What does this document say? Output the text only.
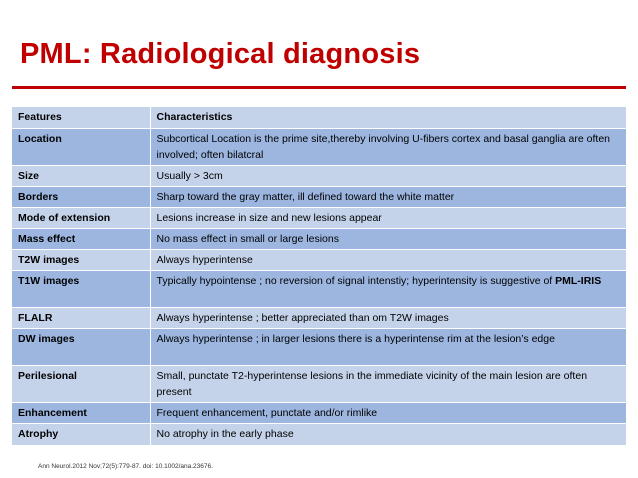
PML: Radiological diagnosis
Features	Characteristics
Location	Subcortical Location is the prime site,thereby involving U-fibers cortex and basal ganglia are often involved; often bilatcral
Size	Usually > 3cm
Borders	Sharp toward the gray matter, ill defined toward the white matter
Mode of extension	Lesions increase in size and new lesions appear
Mass effect	No mass effect in small or large lesions
T2W images	Always hyperintense
T1W images	Typically hypointense ; no reversion of signal intenstiy; hyperintensity is suggestive of PML-IRIS
FLALR	Always hyperintense ; better appreciated than om T2W images
DW images	Always hyperintense ; in larger lesions there is a hyperintense rim at the lesion’s edge
Perilesional	Small, punctate T2-hyperintense lesions in the immediate vicinity of the main lesion are often present
Enhancement	Frequent enhancement, punctate and/or rimlike
Atrophy	No atrophy in the early phase
Ann Neurol.2012 Nov;72(5):779-87. doi: 10.1002/ana.23676.
